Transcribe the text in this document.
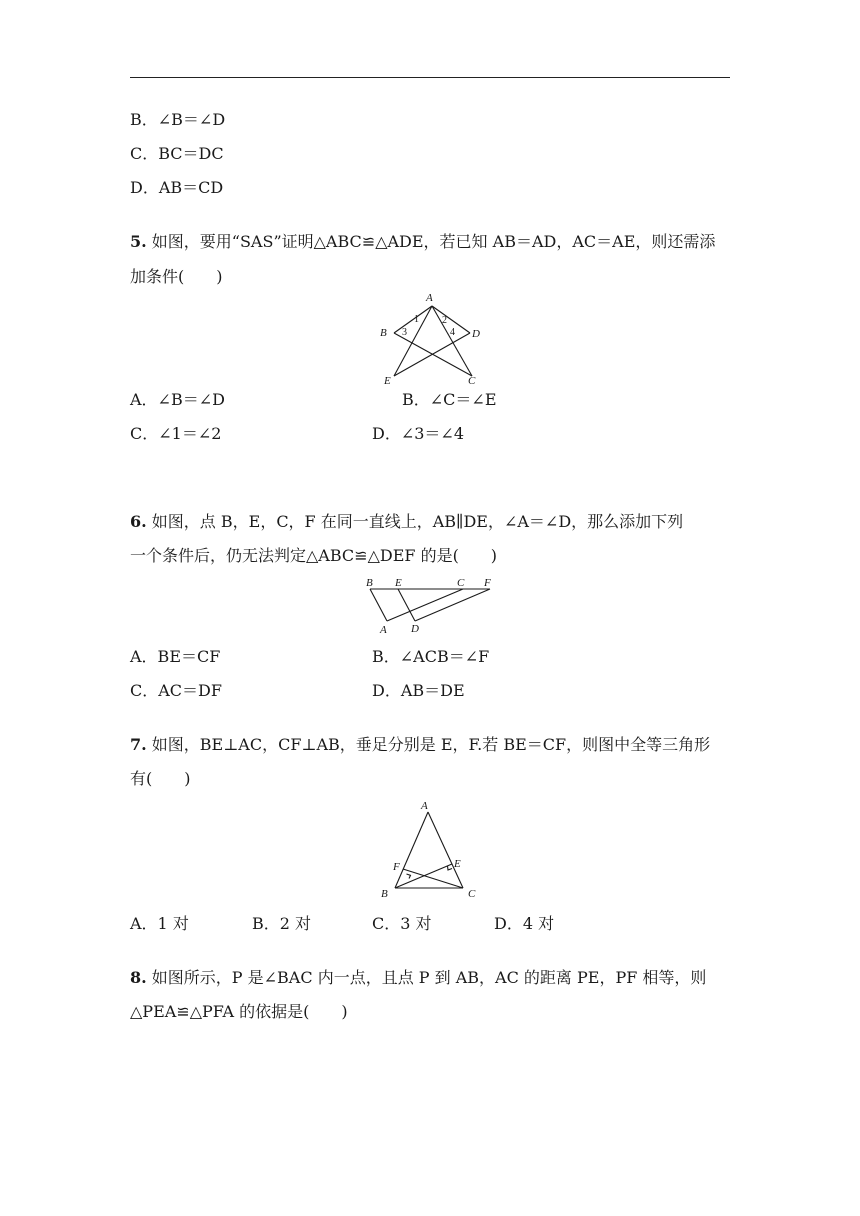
B．∠B＝∠D
C．BC＝DC
D．AB＝CD
5. 如图，要用“SAS”证明△ABC≌△ADE，若已知 AB＝AD，AC＝AE，则还需添
加条件(　　)
A
B	D
E	C
1 2
3	4
A．∠B＝∠D	B．∠C＝∠E
C．∠1＝∠2	D．∠3＝∠4
6. 如图，点 B，E，C，F 在同一直线上，AB∥DE，∠A＝∠D，那么添加下列
一个条件后，仍无法判定△ABC≌△DEF 的是(　　)
B E	C F
A D
A．BE＝CF	B．∠ACB＝∠F
C．AC＝DF	D．AB＝DE
7. 如图，BE⊥AC，CF⊥AB，垂足分别是 E，F.若 BE＝CF，则图中全等三角形
有(　　)
A
F	E
B	C
A．1 对	B．2 对	C．3 对	D．4 对
8. 如图所示，P 是∠BAC 内一点，且点 P 到 AB，AC 的距离 PE，PF 相等，则
△PEA≌△PFA 的依据是(　　)
